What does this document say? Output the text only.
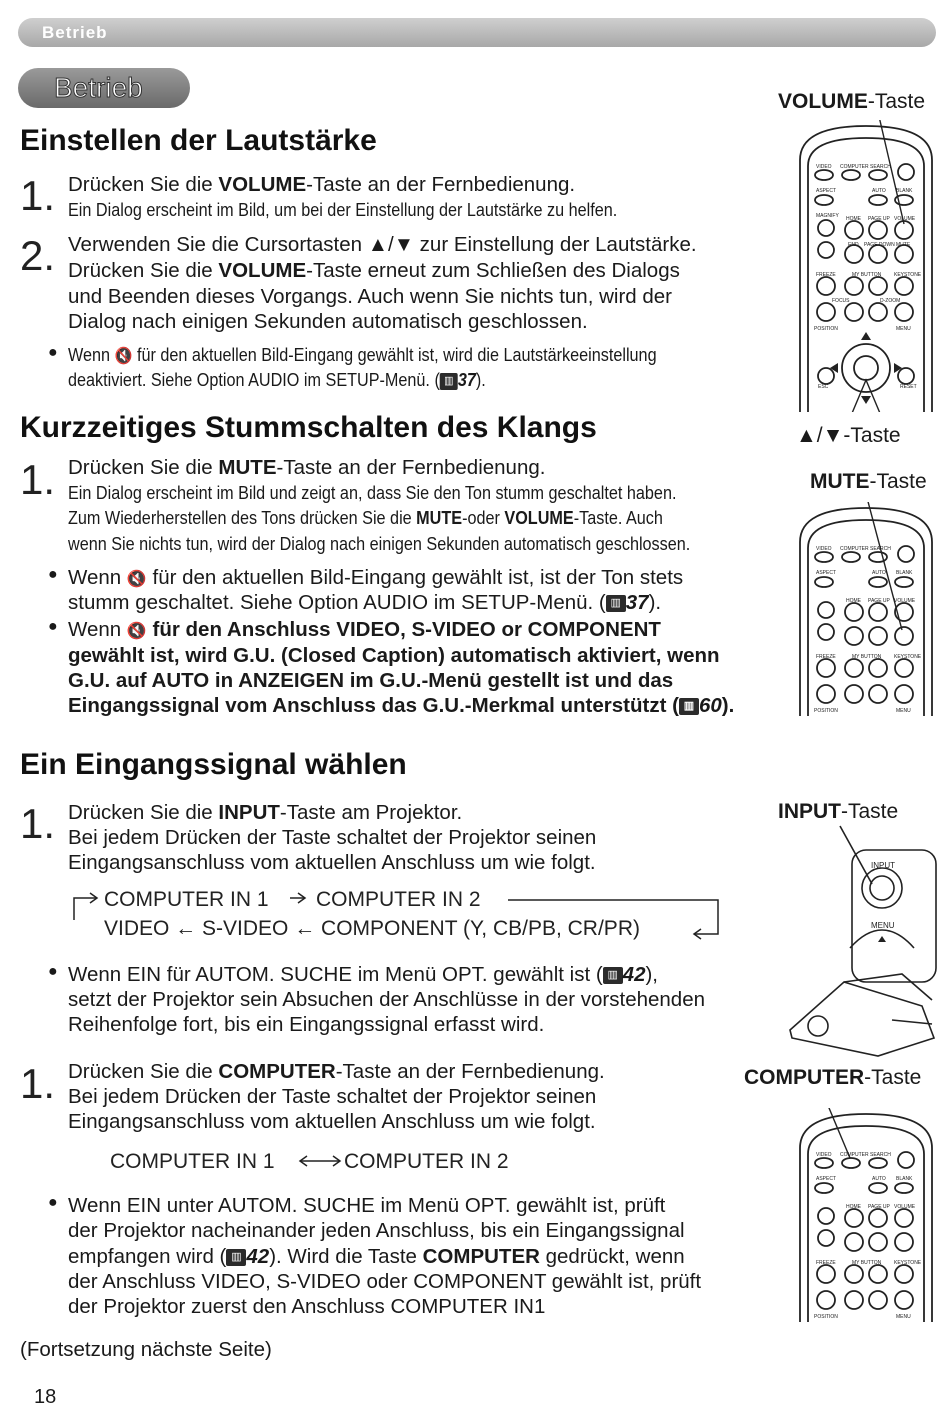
Betrieb
Betrieb
Einstellen der Lautstärke
1. Drücken Sie die VOLUME-Taste an der Fernbedienung.
Ein Dialog erscheint im Bild, um bei der Einstellung der Lautstärke zu helfen.
2. Verwenden Sie die Cursortasten ▲/▼ zur Einstellung der Lautstärke.
Drücken Sie die VOLUME-Taste erneut zum Schließen des Dialogs
und Beenden dieses Vorgangs. Auch wenn Sie nichts tun, wird der
Dialog nach einigen Sekunden automatisch geschlossen.
● Wenn 🔇 für den aktuellen Bild-Eingang gewählt ist, wird die Lautstärkeeinstellung
deaktiviert. Siehe Option AUDIO im SETUP-Menü. ( ▥ 37).
Kurzzeitiges Stummschalten des Klangs
1. Drücken Sie die MUTE-Taste an der Fernbedienung.
Ein Dialog erscheint im Bild und zeigt an, dass Sie den Ton stumm geschaltet haben.
Zum Wiederherstellen des Tons drücken Sie die MUTE-oder VOLUME-Taste. Auch
wenn Sie nichts tun, wird der Dialog nach einigen Sekunden automatisch geschlossen.
● Wenn 🔇 für den aktuellen Bild-Eingang gewählt ist, ist der Ton stets
stumm geschaltet. Siehe Option AUDIO im SETUP-Menü. ( ▥ 37).
● Wenn 🔇 für den Anschluss VIDEO, S-VIDEO or COMPONENT
gewählt ist, wird G.U. (Closed Caption) automatisch aktiviert, wenn
G.U. auf AUTO in ANZEIGEN im G.U.-Menü gestellt ist und das
Eingangssignal vom Anschluss das G.U.-Merkmal unterstützt ( ▥ 60).
Ein Eingangssignal wählen
1. Drücken Sie die INPUT-Taste am Projektor.
Bei jedem Drücken der Taste schaltet der Projektor seinen
Eingangsanschluss vom aktuellen Anschluss um wie folgt.
COMPUTER IN 1 COMPUTER IN 2
VIDEO ← S-VIDEO ← COMPONENT (Y, CB/PB, CR/PR)
● Wenn EIN für AUTOM. SUCHE im Menü OPT. gewählt ist ( ▥ 42),
setzt der Projektor sein Absuchen der Anschlüsse in der vorstehenden
Reihenfolge fort, bis ein Eingangssignal erfasst wird.
1. Drücken Sie die COMPUTER-Taste an der Fernbedienung.
Bei jedem Drücken der Taste schaltet der Projektor seinen
Eingangsanschluss vom aktuellen Anschluss um wie folgt.
COMPUTER IN 1	COMPUTER IN 2
● Wenn EIN unter AUTOM. SUCHE im Menü OPT. gewählt ist, prüft
der Projektor nacheinander jeden Anschluss, bis ein Eingangssignal
empfangen wird ( ▥ 42). Wird die Taste COMPUTER gedrückt, wenn
der Anschluss VIDEO, S-VIDEO oder COMPONENT gewählt ist, prüft
der Projektor zuerst den Anschluss COMPUTER IN1
(Fortsetzung nächste Seite)
18
VOLUME-Taste
▲/▼-Taste
MUTE-Taste
INPUT-Taste
COMPUTER-Taste
VIDEO COMPUTER SEARCH
ASPECT	AUTO BLANK
MAGNIFY HOME PAGE UP VOLUME
END PAGE DOWN MUTE
FREEZE	MY BUTTON	KEYSTONE
FOCUS	D-ZOOM
POSITION	MENU
ESC	RESET
VIDEO COMPUTER SEARCH
ASPECT	AUTO BLANK
HOME PAGE UP VOLUME
FREEZE	MY BUTTON	KEYSTONE
POSITION	MENU
INPUT
MENU
VIDEO COMPUTER SEARCH
ASPECT	AUTO BLANK
HOME PAGE UP VOLUME
FREEZE	MY BUTTON	KEYSTONE
POSITION	MENU
